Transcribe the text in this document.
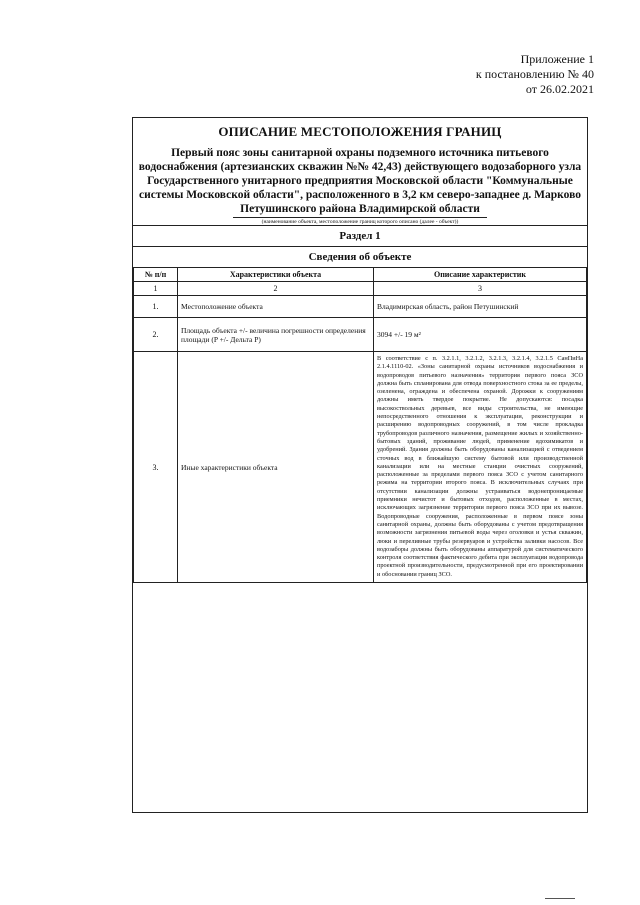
Приложение 1
к постановлению № 40
от 26.02.2021
ОПИСАНИЕ МЕСТОПОЛОЖЕНИЯ ГРАНИЦ
Первый пояс зоны санитарной охраны подземного источника питьевого водоснабжения (артезианских скважин №№ 42,43) действующего водозаборного узла Государственного унитарного предприятия Московской области "Коммунальные системы Московской области", расположенного в 3,2 км северо-западнее д. Марково Петушинского района Владимирской области
(наименование объекта, местоположение границ которого описано (далее - объект))
Раздел 1
Сведения об объекте
№ п/п	Характеристики объекта	Описание характеристик
1	2	3
1.	Местоположение объекта	Владимирская область, район Петушинский
2.	Площадь объекта +/- величина погрешности определения площади (P +/- Дельта P)	3094 +/- 19 м²
3.	Иные характеристики объекта	В соответствие с п. 3.2.1.1, 3.2.1.2, 3.2.1.3, 3.2.1.4, 3.2.1.5 СанПиНа 2.1.4.1110-02. «Зоны санитарной охраны источников водоснабжения и водопроводов питьевого назначения» территория первого пояса ЗСО должна быть спланирована для отвода поверхностного стока за ее пределы, озеленена, ограждена и обеспечена охраной. Дорожки к сооружениям должны иметь твердое покрытие. Не допускаются: посадка высокоствольных деревьев, все виды строительства, не имеющие непосредственного отношения к эксплуатации, реконструкции и расширению водопроводных сооружений, в том числе прокладка трубопроводов различного назначения, размещение жилых и хозяйственно-бытовых зданий, проживание людей, применение ядохимикатов и удобрений. Здания должны быть оборудованы канализацией с отведением сточных вод в ближайшую систему бытовой или производственной канализации или на местные станции очистных сооружений, расположенные за пределами первого пояса ЗСО с учетом санитарного режима на территории второго пояса. В исключительных случаях при отсутствии канализации должны устраиваться водонепроницаемые приемники нечистот и бытовых отходов, расположенные в местах, исключающих загрязнение территории первого пояса ЗСО при их вывозе. Водопроводные сооружения, расположенные в первом поясе зоны санитарной охраны, должны быть оборудованы с учетом предотвращения возможности загрязнения питьевой воды через оголовки и устья скважин, люки и переливные трубы резервуаров и устройства заливки насосов. Все водозаборы должны быть оборудованы аппаратурой для систематического контроля соответствия фактического дебита при эксплуатации водопровода проектной производительности, предусмотренной при его проектировании и обосновании границ ЗСО.
